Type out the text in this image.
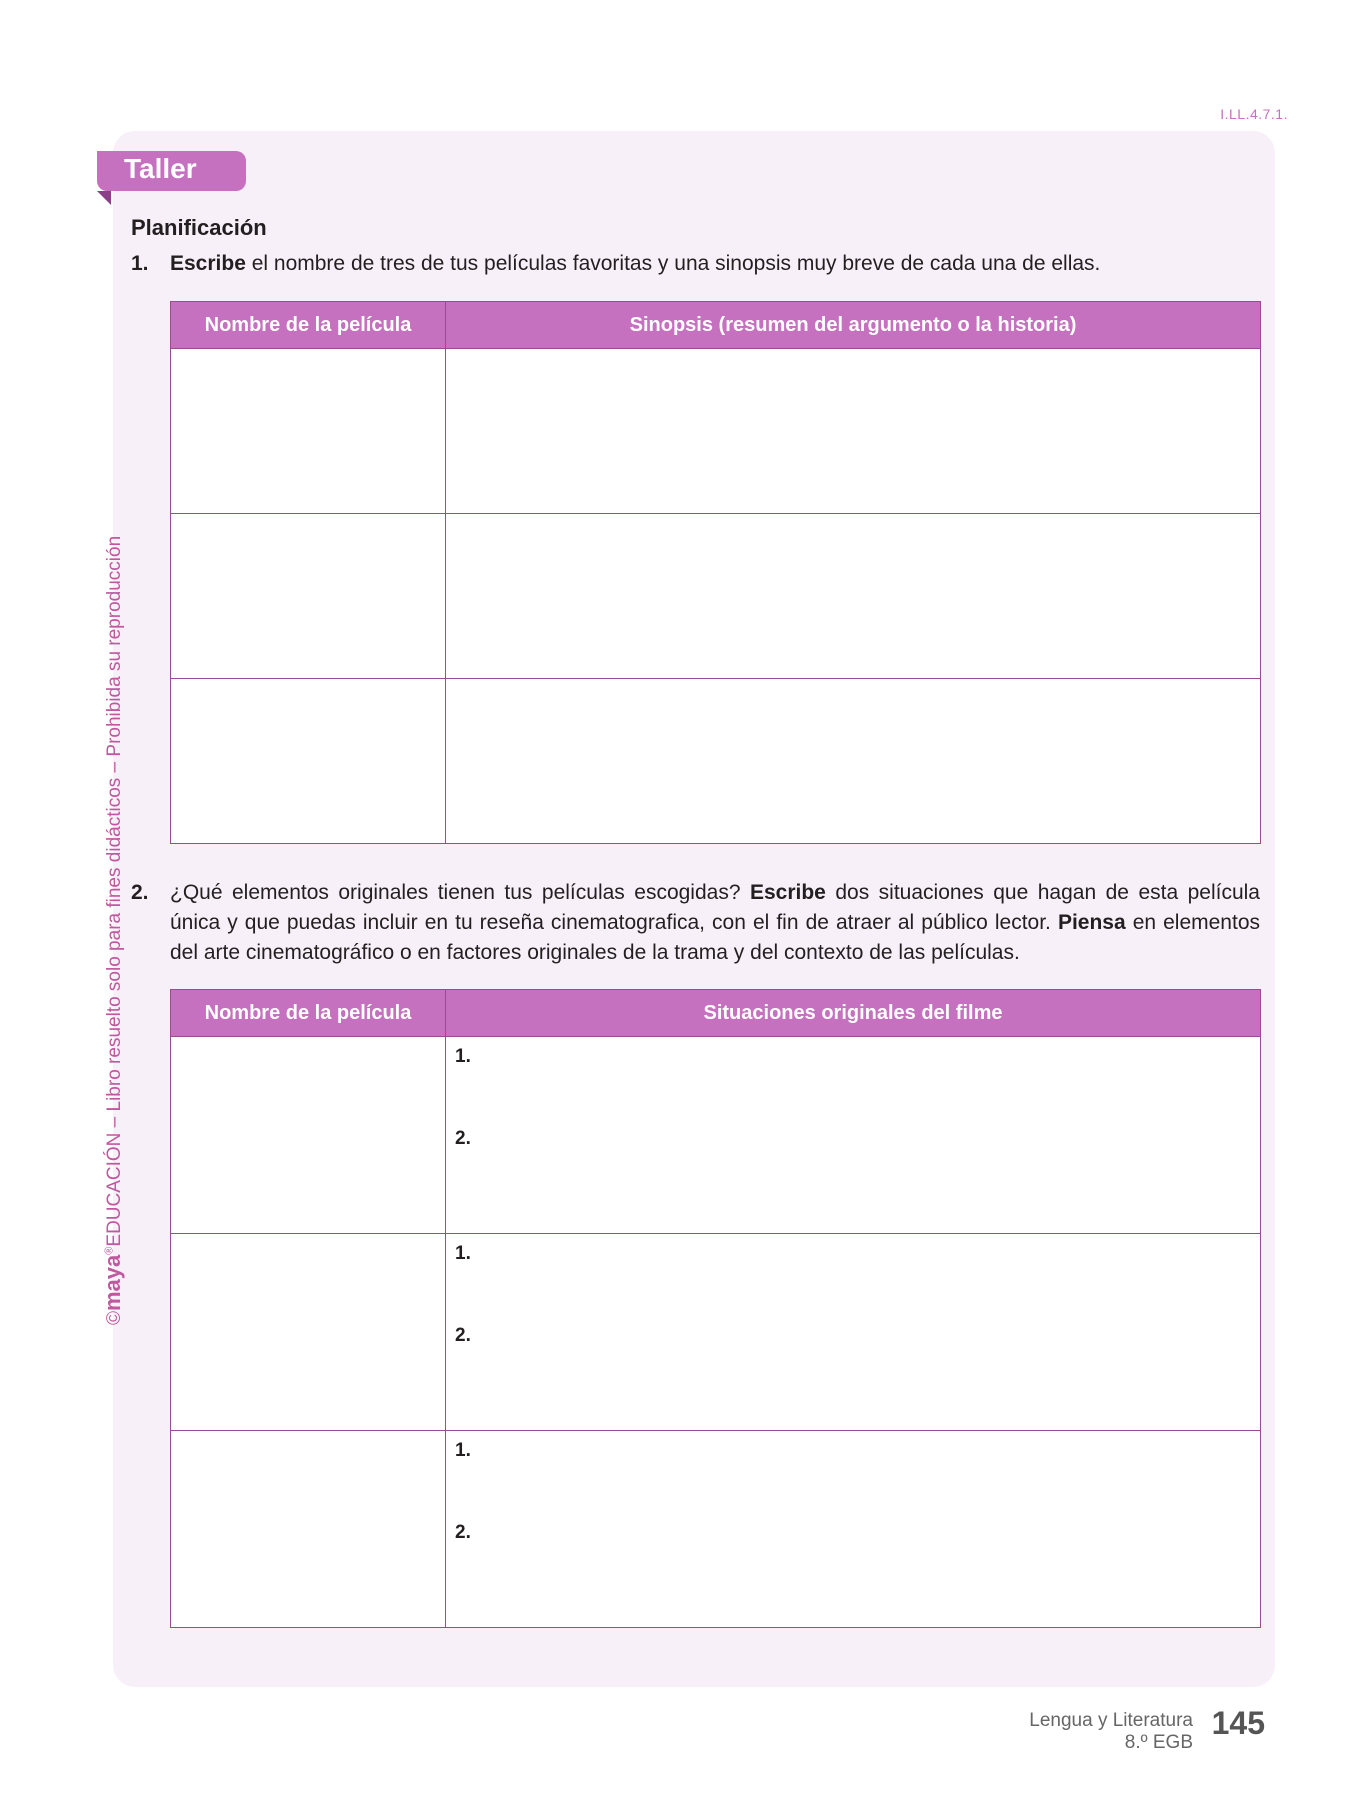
I.LL.4.7.1.
©maya®EDUCACIÓN – Libro resuelto solo para fines didácticos – Prohibida su reproducción
Taller
Planificación
1. Escribe el nombre de tres de tus películas favoritas y una sinopsis muy breve de cada una de ellas.
Nombre de la película	Sinopsis (resumen del argumento o la historia)

2. ¿Qué elementos originales tienen tus películas escogidas? Escribe dos situaciones que hagan de esta película única y que puedas incluir en tu reseña cinematografica, con el fin de atraer al público lector. Piensa en elementos del arte cinematográfico o en factores originales de la trama y del contexto de las películas.
Nombre de la película	Situaciones originales del filme

	1.
2.

	1.
2.

	1.
2.
Lengua y Literatura
8.º EGB
145
